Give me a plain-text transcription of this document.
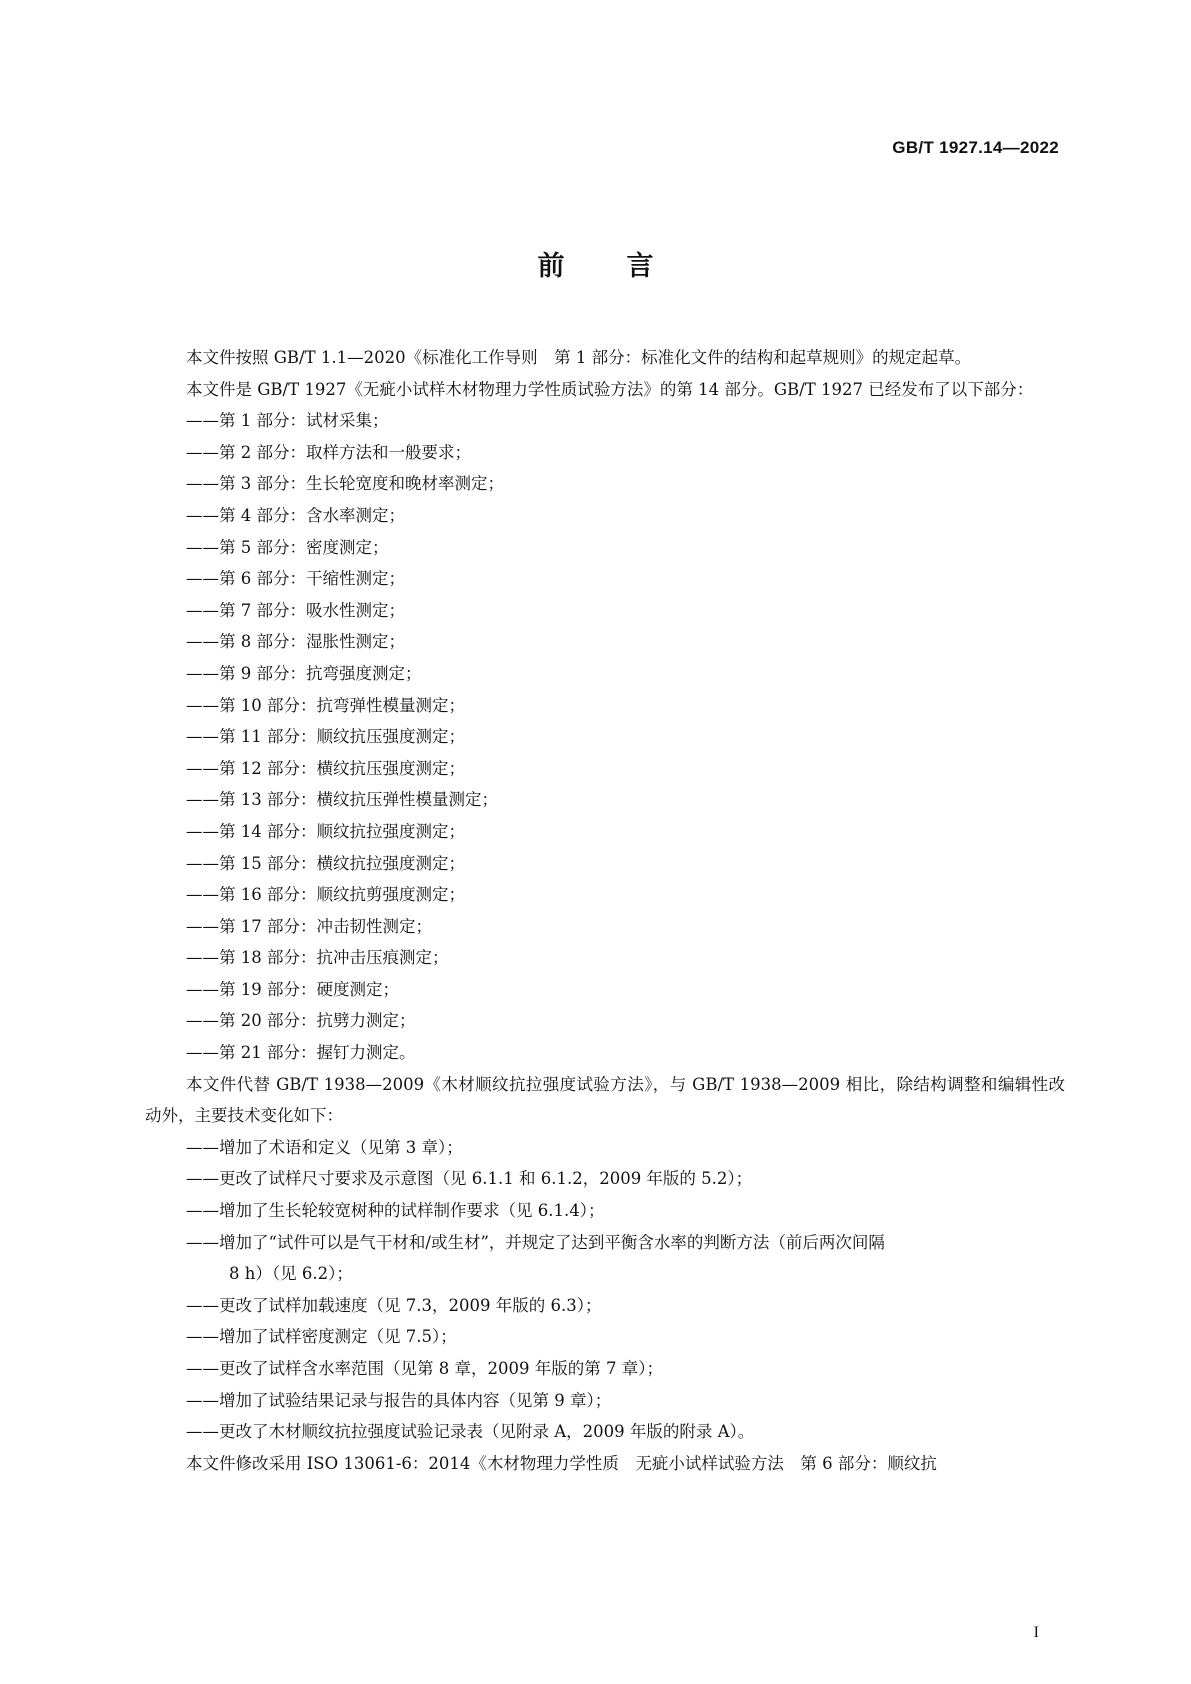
GB/T 1927.14—2022
前言
本文件按照 GB/T 1.1—2020《标准化工作导则　第 1 部分：标准化文件的结构和起草规则》的规定起草。
本文件是 GB/T 1927《无疵小试样木材物理力学性质试验方法》的第 14 部分。GB/T 1927 已经发布了以下部分：
——第 1 部分：试材采集；
——第 2 部分：取样方法和一般要求；
——第 3 部分：生长轮宽度和晚材率测定；
——第 4 部分：含水率测定；
——第 5 部分：密度测定；
——第 6 部分：干缩性测定；
——第 7 部分：吸水性测定；
——第 8 部分：湿胀性测定；
——第 9 部分：抗弯强度测定；
——第 10 部分：抗弯弹性模量测定；
——第 11 部分：顺纹抗压强度测定；
——第 12 部分：横纹抗压强度测定；
——第 13 部分：横纹抗压弹性模量测定；
——第 14 部分：顺纹抗拉强度测定；
——第 15 部分：横纹抗拉强度测定；
——第 16 部分：顺纹抗剪强度测定；
——第 17 部分：冲击韧性测定；
——第 18 部分：抗冲击压痕测定；
——第 19 部分：硬度测定；
——第 20 部分：抗劈力测定；
——第 21 部分：握钉力测定。
本文件代替 GB/T 1938—2009《木材顺纹抗拉强度试验方法》，与 GB/T 1938—2009 相比，除结构调整和编辑性改动外，主要技术变化如下：
——增加了术语和定义（见第 3 章）；
——更改了试样尺寸要求及示意图（见 6.1.1 和 6.1.2，2009 年版的 5.2）；
——增加了生长轮较宽树种的试样制作要求（见 6.1.4）；
——增加了“试件可以是气干材和/或生材”，并规定了达到平衡含水率的判断方法（前后两次间隔
8 h）（见 6.2）；
——更改了试样加载速度（见 7.3，2009 年版的 6.3）；
——增加了试样密度测定（见 7.5）；
——更改了试样含水率范围（见第 8 章，2009 年版的第 7 章）；
——增加了试验结果记录与报告的具体内容（见第 9 章）；
——更改了木材顺纹抗拉强度试验记录表（见附录 A，2009 年版的附录 A）。
本文件修改采用 ISO 13061-6：2014《木材物理力学性质　无疵小试样试验方法　第 6 部分：顺纹抗
I
